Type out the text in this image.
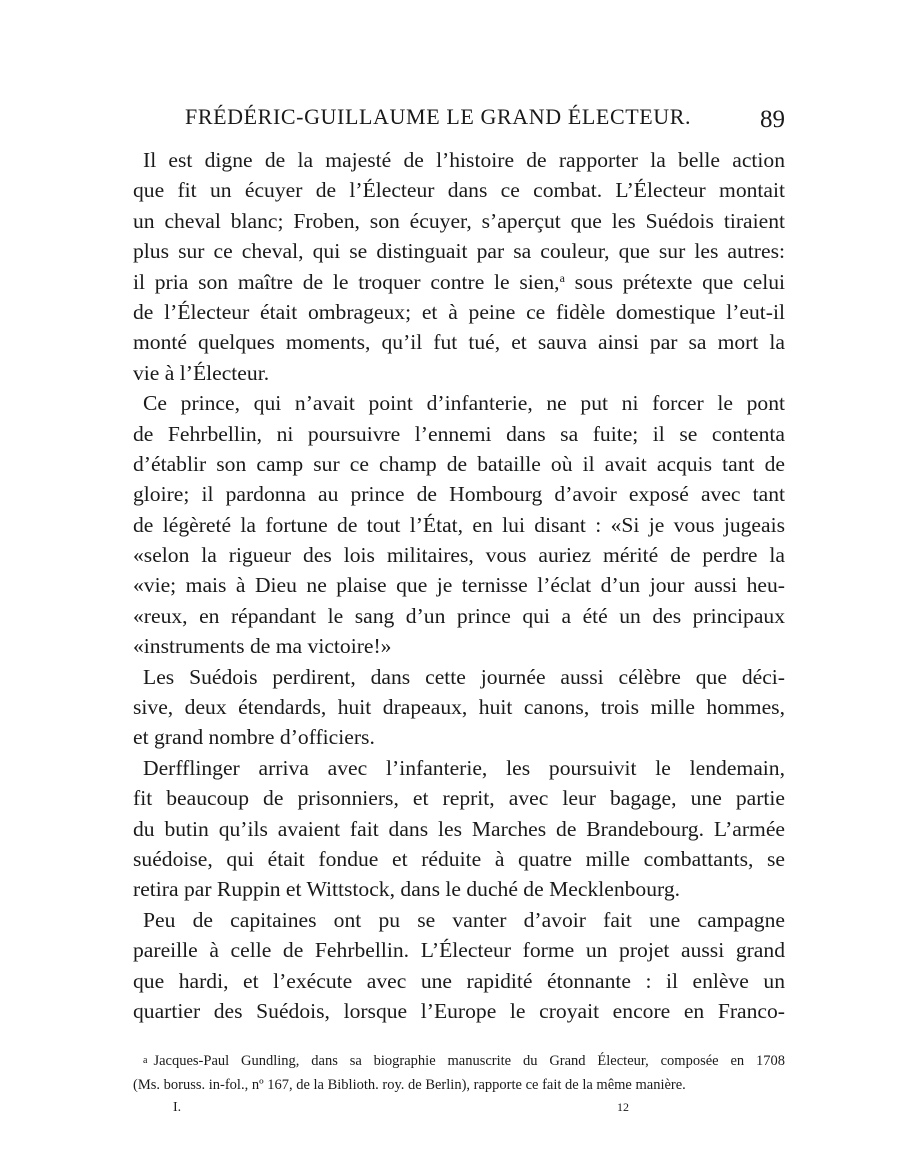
FRÉDÉRIC-GUILLAUME LE GRAND ÉLECTEUR.	89
Il est digne de la majesté de l’histoire de rapporter la belle action
que fit un écuyer de l’Électeur dans ce combat. L’Électeur montait
un cheval blanc; Froben, son écuyer, s’aperçut que les Suédois tiraient
plus sur ce cheval, qui se distinguait par sa couleur, que sur les autres:
il pria son maître de le troquer contre le sien,$^a$ sous prétexte que celui
de l’Électeur était ombrageux; et à peine ce fidèle domestique l’eut-il
monté quelques moments, qu’il fut tué, et sauva ainsi par sa mort la
vie à l’Électeur.
Ce prince, qui n’avait point d’infanterie, ne put ni forcer le pont
de Fehrbellin, ni poursuivre l’ennemi dans sa fuite; il se contenta
d’établir son camp sur ce champ de bataille où il avait acquis tant de
gloire; il pardonna au prince de Hombourg d’avoir exposé avec tant
de légèreté la fortune de tout l’État, en lui disant : «Si je vous jugeais
«selon la rigueur des lois militaires, vous auriez mérité de perdre la
«vie; mais à Dieu ne plaise que je ternisse l’éclat d’un jour aussi heu-
«reux, en répandant le sang d’un prince qui a été un des principaux
«instruments de ma victoire!»
Les Suédois perdirent, dans cette journée aussi célèbre que déci-
sive, deux étendards, huit drapeaux, huit canons, trois mille hommes,
et grand nombre d’officiers.
Derfflinger arriva avec l’infanterie, les poursuivit le lendemain,
fit beaucoup de prisonniers, et reprit, avec leur bagage, une partie
du butin qu’ils avaient fait dans les Marches de Brandebourg. L’armée
suédoise, qui était fondue et réduite à quatre mille combattants, se
retira par Ruppin et Wittstock, dans le duché de Mecklenbourg.
Peu de capitaines ont pu se vanter d’avoir fait une campagne
pareille à celle de Fehrbellin. L’Électeur forme un projet aussi grand
que hardi, et l’exécute avec une rapidité étonnante : il enlève un
quartier des Suédois, lorsque l’Europe le croyait encore en Franco-
a Jacques-Paul Gundling, dans sa biographie manuscrite du Grand Électeur, composée en 1708
(Ms. boruss. in-fol., nº 167, de la Biblioth. roy. de Berlin), rapporte ce fait de la même manière.
I.	12
